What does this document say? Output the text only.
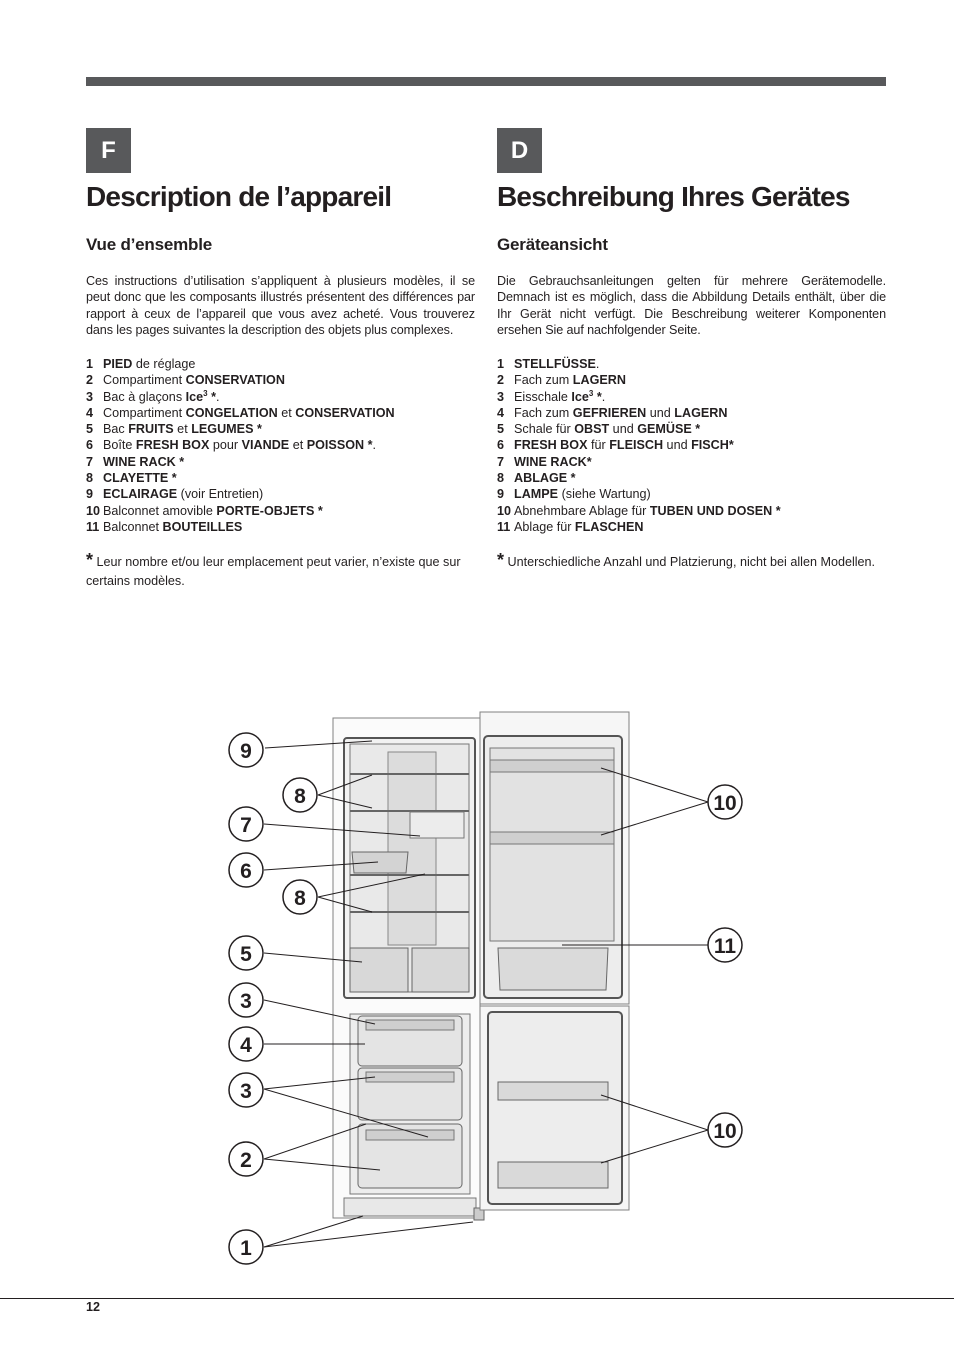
F
Description de l’appareil
Vue d’ensemble
Ces instructions d’utilisation s’appliquent à plusieurs modèles, il se peut donc que les composants illustrés présentent des différences par rapport à ceux de l’appareil que vous avez acheté. Vous trouverez dans les pages suivantes la description des objets plus complexes.
1 PIED de réglage
2 Compartiment CONSERVATION
3 Bac à glaçons Ice$^3$ *.
4 Compartiment CONGELATION et CONSERVATION
5 Bac FRUITS et LEGUMES *
6 Boîte FRESH BOX pour VIANDE et POISSON *.
7 WINE RACK *
8 CLAYETTE *
9 ECLAIRAGE (voir Entretien)
10 Balconnet amovible PORTE-OBJETS *
11 Balconnet BOUTEILLES
* Leur nombre et/ou leur emplacement peut varier, n’existe que sur certains modèles.
D
Beschreibung Ihres Gerätes
Geräteansicht
Die Gebrauchsanleitungen gelten für mehrere Gerätemodelle. Demnach ist es möglich, dass die Abbildung Details enthält, über die Ihr Gerät nicht verfügt. Die Beschreibung weiterer Komponenten ersehen Sie auf nachfolgender Seite.
1 STELLFÜSSE.
2 Fach zum LAGERN
3 Eisschale Ice$^3$ *.
4 Fach zum GEFRIEREN und LAGERN
5 Schale für OBST und GEMÜSE *
6 FRESH BOX für FLEISCH und FISCH*
7 WINE RACK*
8 ABLAGE *
9 LAMPE (siehe Wartung)
10 Abnehmbare Ablage für TUBEN UND DOSEN *
11 Ablage für FLASCHEN
* Unterschiedliche Anzahl und Platzierung, nicht bei allen Modellen.
9
8
7
6
8
5
3
4
3
2
1
10
11
10
12
